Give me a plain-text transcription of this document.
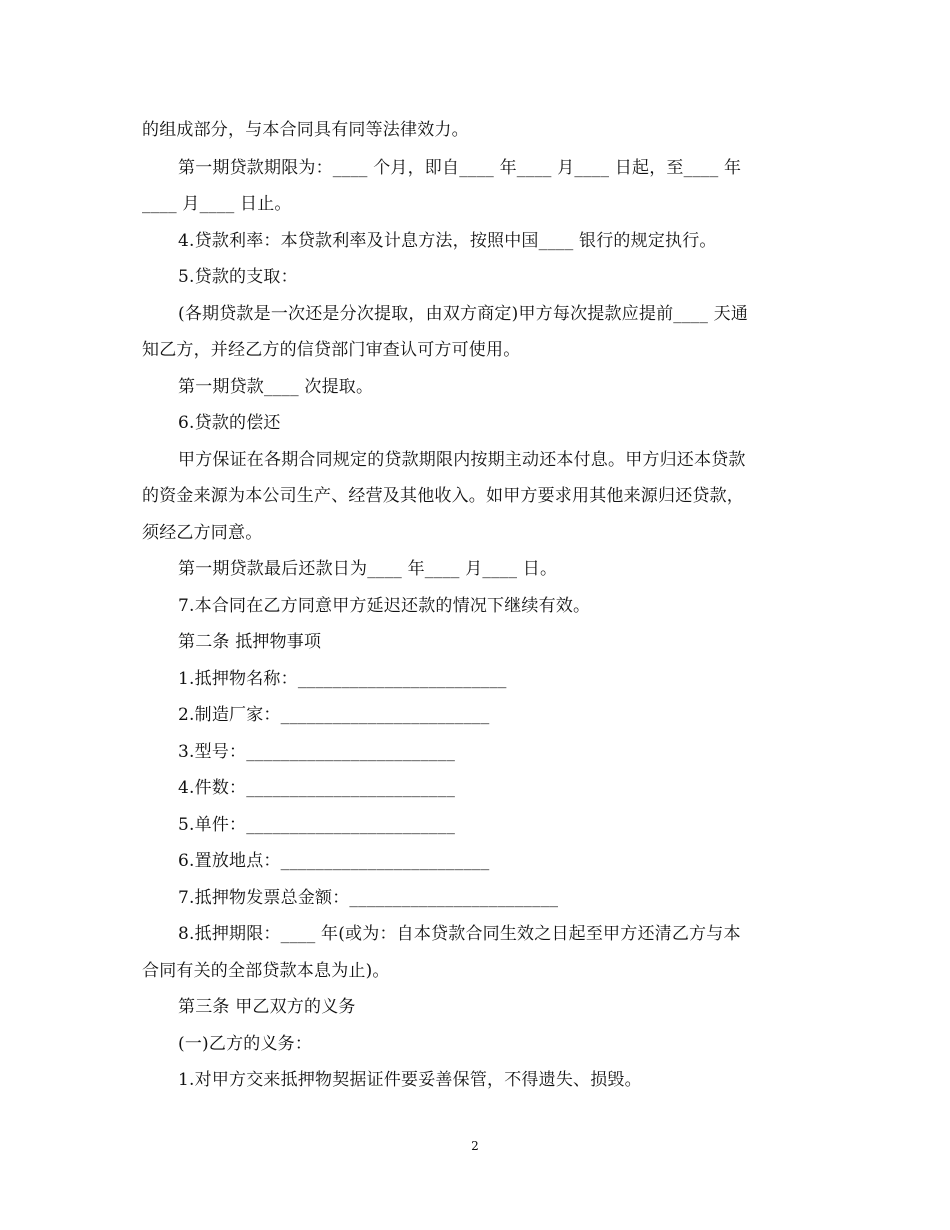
的组成部分，与本合同具有同等法律效力。
第一期贷款期限为：____ 个月，即自____ 年____ 月____ 日起，至____ 年
____ 月____ 日止。
4.贷款利率：本贷款利率及计息方法，按照中国____ 银行的规定执行。
5.贷款的支取：
(各期贷款是一次还是分次提取，由双方商定)甲方每次提款应提前____ 天通
知乙方，并经乙方的信贷部门审查认可方可使用。
第一期贷款____ 次提取。
6.贷款的偿还
甲方保证在各期合同规定的贷款期限内按期主动还本付息。甲方归还本贷款
的资金来源为本公司生产、经营及其他收入。如甲方要求用其他来源归还贷款，
须经乙方同意。
第一期贷款最后还款日为____ 年____ 月____ 日。
7.本合同在乙方同意甲方延迟还款的情况下继续有效。
第二条 抵押物事项
1.抵押物名称：________________________
2.制造厂家：________________________
3.型号：________________________
4.件数：________________________
5.单件：________________________
6.置放地点：________________________
7.抵押物发票总金额：________________________
8.抵押期限：____ 年(或为：自本贷款合同生效之日起至甲方还清乙方与本
合同有关的全部贷款本息为止)。
第三条 甲乙双方的义务
(一)乙方的义务：
1.对甲方交来抵押物契据证件要妥善保管，不得遗失、损毁。
2
